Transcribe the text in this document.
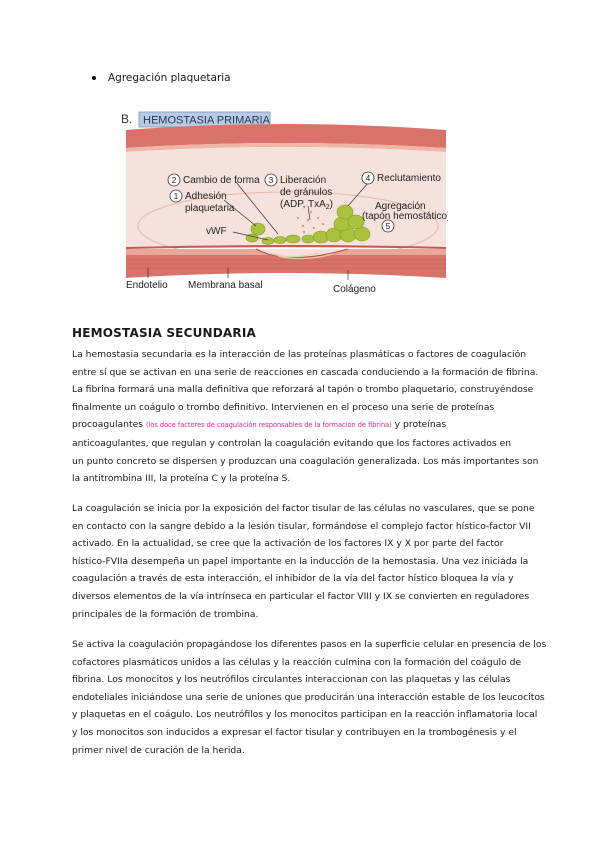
Agregación plaquetaria
B. HEMOSTASIA PRIMARIA
2
1
3	4
5
Cambio de forma
Adhesión
plaquetaria
Liberación
de gránulos
(ADP, TxA$_2$)
Reclutamiento
Agregación
(tapón hemostático)
vWF
Endotelio Membrana basal	Colágeno
HEMOSTASIA SECUNDARIA
La hemostasia secundaria es la interacción de las proteínas plasmáticas o factores de coagulación
entre sí que se activan en una serie de reacciones en cascada conduciendo a la formación de fibrina.
La fibrina formará una malla definitiva que reforzará al tapón o trombo plaquetario, construyéndose
finalmente un coágulo o trombo definitivo. Intervienen en el proceso una serie de proteínas
procoagulantes (los doce factores de coagulación responsables de la formación de fibrina) y proteínas
anticoagulantes, que regulan y controlan la coagulación evitando que los factores activados en
un punto concreto se dispersen y produzcan una coagulación generalizada. Los más importantes son
la antitrombina III, la proteína C y la proteína S.
La coagulación se inicia por la exposición del factor tisular de las células no vasculares, que se pone
en contacto con la sangre debido a la lesión tisular, formándose el complejo factor hístico-factor VII
activado. En la actualidad, se cree que la activación de los factores IX y X por parte del factor
hístico-FVIIa desempeña un papel importante en la inducción de la hemostasia. Una vez iniciada la
coagulación a través de esta interacción, el inhibidor de la vía del factor hístico bloquea la vía y
diversos elementos de la vía intrínseca en particular el factor VIII y IX se convierten en reguladores
principales de la formación de trombina.
Se activa la coagulación propagándose los diferentes pasos en la superficie celular en presencia de los
cofactores plasmáticos unidos a las células y la reacción culmina con la formación del coágulo de
fibrina. Los monocitos y los neutrófilos circulantes interaccionan con las plaquetas y las células
endoteliales iniciándose una serie de uniones que producirán una interacción estable de los leucocitos
y plaquetas en el coágulo. Los neutrófilos y los monocitos participan en la reacción inflamatoria local
y los monocitos son inducidos a expresar el factor tisular y contribuyen en la trombogénesis y el
primer nivel de curación de la herida.
